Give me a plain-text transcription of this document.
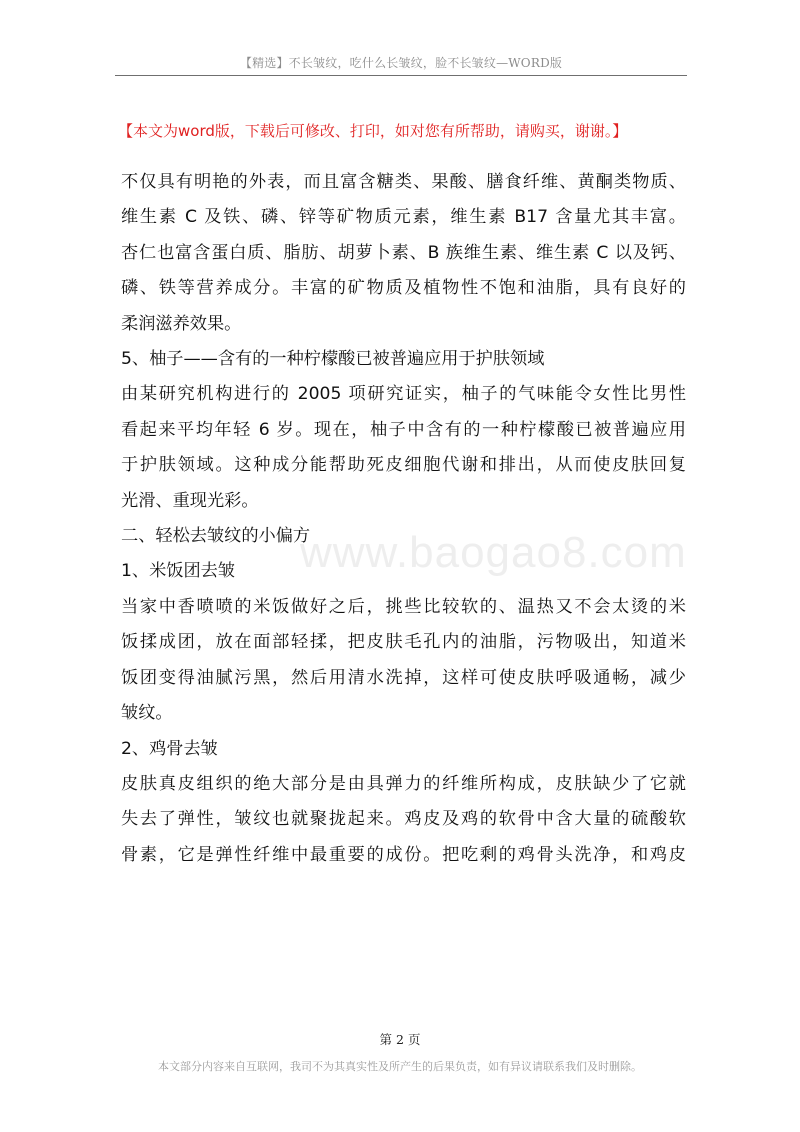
【精选】不长皱纹，吃什么长皱纹，脸不长皱纹—WORD版
【本文为word版，下载后可修改、打印，如对您有所帮助，请购买，谢谢。】

不仅具有明艳的外表，而且富含糖类、果酸、膳食纤维、黄酮类物质、

维生素 C 及铁、磷、锌等矿物质元素，维生素 B17 含量尤其丰富。

杏仁也富含蛋白质、脂肪、胡萝卜素、B 族维生素、维生素 C 以及钙、

磷、铁等营养成分。丰富的矿物质及植物性不饱和油脂，具有良好的

柔润滋养效果。

5、柚子——含有的一种柠檬酸已被普遍应用于护肤领域

由某研究机构进行的 2005 项研究证实，柚子的气味能令女性比男性

看起来平均年轻 6 岁。现在，柚子中含有的一种柠檬酸已被普遍应用

于护肤领域。这种成分能帮助死皮细胞代谢和排出，从而使皮肤回复

光滑、重现光彩。

二、轻松去皱纹的小偏方

1、米饭团去皱

当家中香喷喷的米饭做好之后，挑些比较软的、温热又不会太烫的米

饭揉成团，放在面部轻揉，把皮肤毛孔内的油脂，污物吸出，知道米

饭团变得油腻污黑，然后用清水洗掉，这样可使皮肤呼吸通畅，减少

皱纹。

2、鸡骨去皱

皮肤真皮组织的绝大部分是由具弹力的纤维所构成，皮肤缺少了它就

失去了弹性，皱纹也就聚拢起来。鸡皮及鸡的软骨中含大量的硫酸软

骨素，它是弹性纤维中最重要的成份。把吃剩的鸡骨头洗净，和鸡皮

www.baogao8.com
第 2 页
本文部分内容来自互联网，我司不为其真实性及所产生的后果负责，如有异议请联系我们及时删除。
